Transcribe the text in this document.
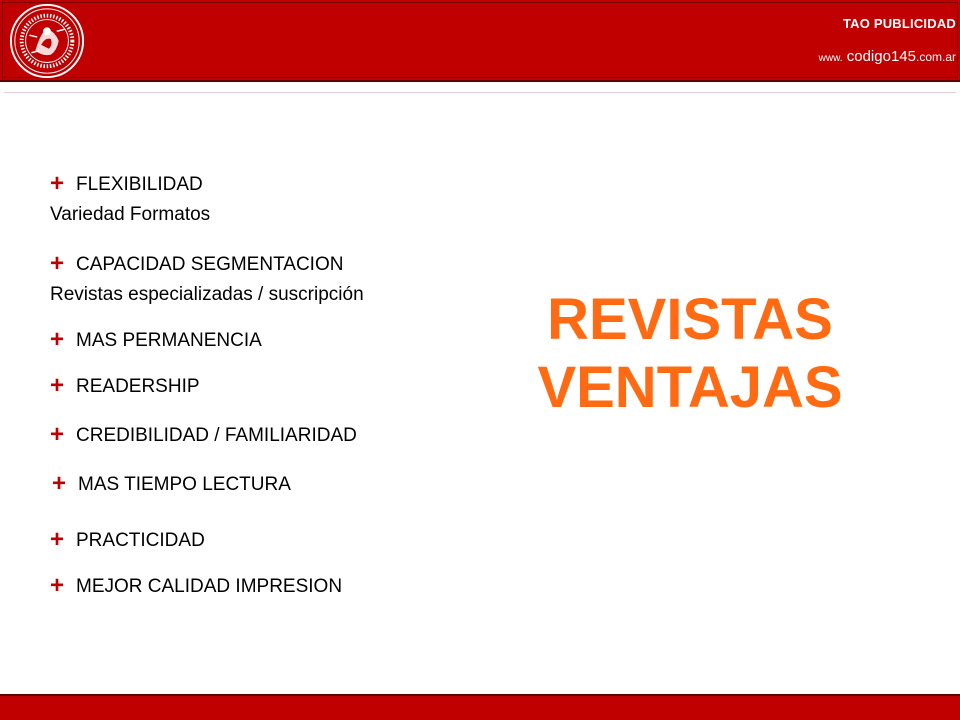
TAO PUBLICIDAD
www. codigo145.com.ar
+ FLEXIBILIDAD
Variedad Formatos
+ CAPACIDAD SEGMENTACION
Revistas especializadas / suscripción
+ MAS PERMANENCIA
+ READERSHIP
+ CREDIBILIDAD / FAMILIARIDAD
+ MAS TIEMPO LECTURA
+ PRACTICIDAD
+ MEJOR CALIDAD IMPRESION
REVISTAS
VENTAJAS
